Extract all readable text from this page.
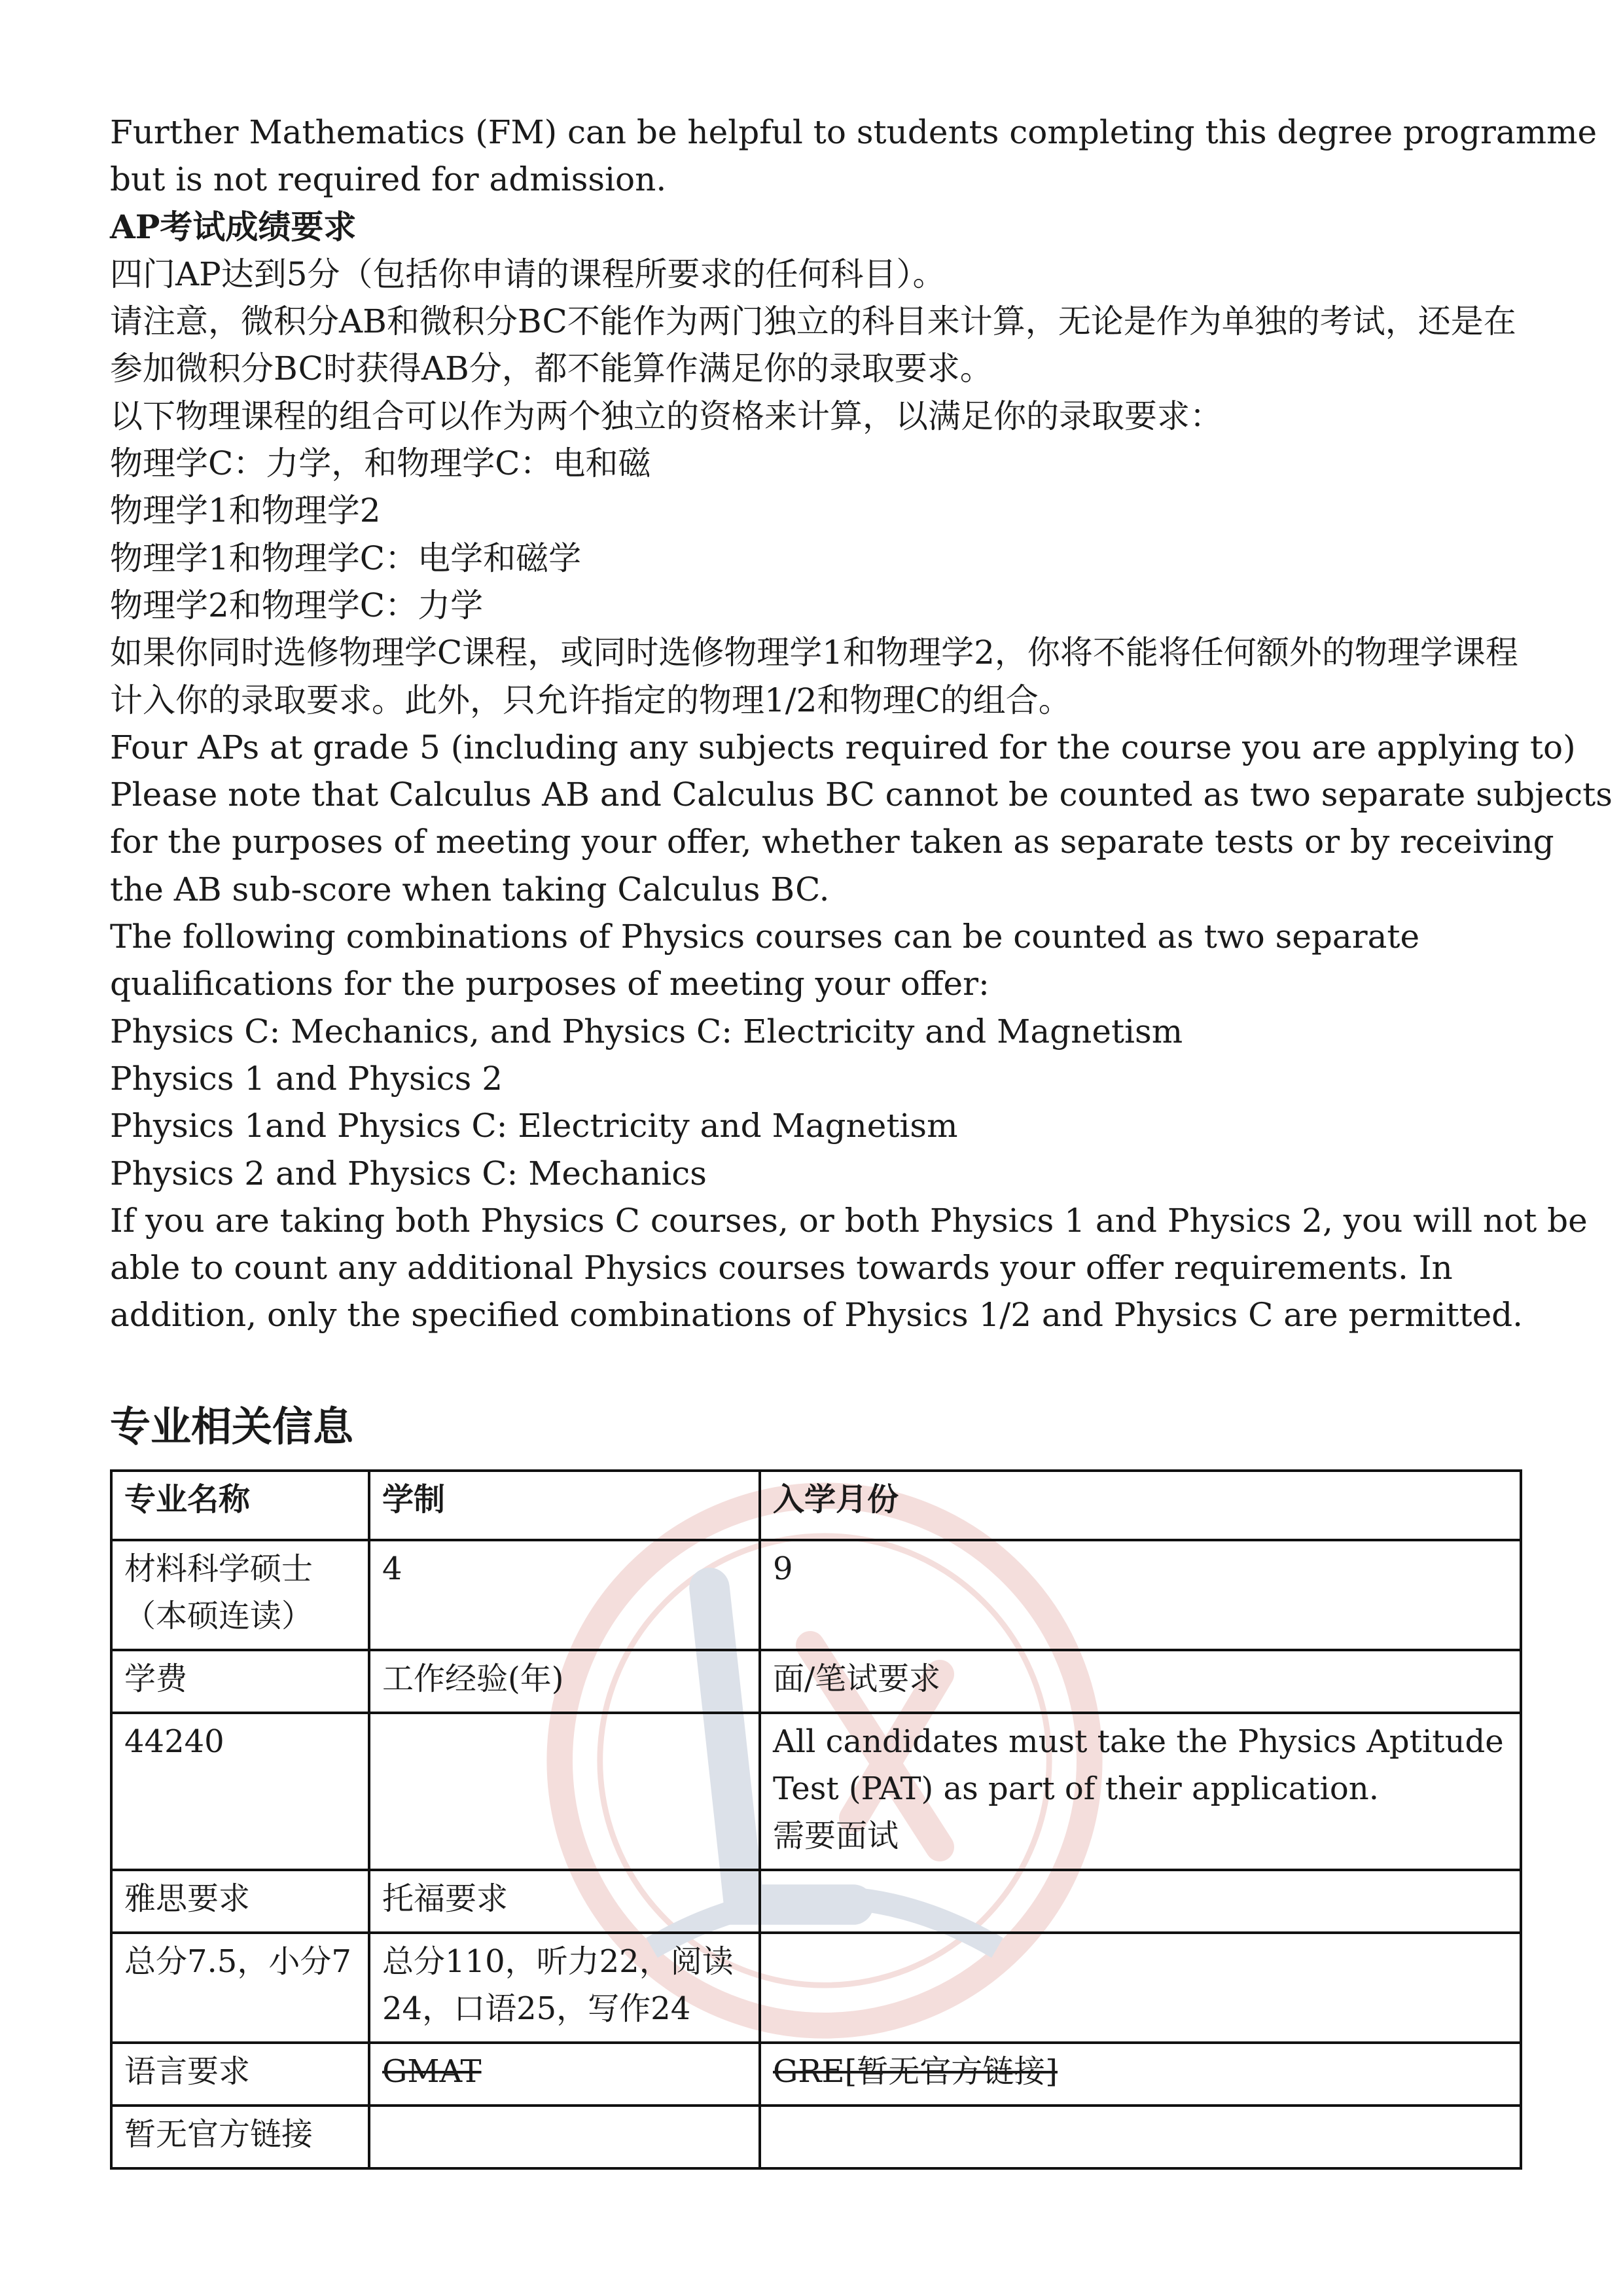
Further Mathematics (FM) can be helpful to students completing this degree programme

but is not required for admission.

AP考试成绩要求

四门AP达到5分（包括你申请的课程所要求的任何科目）。

请注意，微积分AB和微积分BC不能作为两门独立的科目来计算，无论是作为单独的考试，还是在

参加微积分BC时获得AB分，都不能算作满足你的录取要求。

以下物理课程的组合可以作为两个独立的资格来计算，以满足你的录取要求：

物理学C：力学，和物理学C：电和磁

物理学1和物理学2

物理学1和物理学C：电学和磁学

物理学2和物理学C：力学

如果你同时选修物理学C课程，或同时选修物理学1和物理学2，你将不能将任何额外的物理学课程

计入你的录取要求。此外，只允许指定的物理1/2和物理C的组合。

Four APs at grade 5 (including any subjects required for the course you are applying to)

Please note that Calculus AB and Calculus BC cannot be counted as two separate subjects

for the purposes of meeting your offer, whether taken as separate tests or by receiving

the AB sub-score when taking Calculus BC.

The following combinations of Physics courses can be counted as two separate

qualifications for the purposes of meeting your offer:

Physics C: Mechanics, and Physics C: Electricity and Magnetism

Physics 1 and Physics 2

Physics 1and Physics C: Electricity and Magnetism

Physics 2 and Physics C: Mechanics

If you are taking both Physics C courses, or both Physics 1 and Physics 2, you will not be

able to count any additional Physics courses towards your offer requirements. In

addition, only the specified combinations of Physics 1/2 and Physics C are permitted.

专业相关信息
专业名称	学制	入学月份

材料科学硕士
（本硕连读）	4	9
学费	工作经验(年)	面/笔试要求
44240		All candidates must take the Physics Aptitude
Test (PAT) as part of their application.
需要面试

雅思要求	托福要求	
总分7.5，小分7	总分110，听力22，阅读
24，口语25，写作24	

语言要求	GMAT	GRE[暂无官方链接]
暂无官方链接		
